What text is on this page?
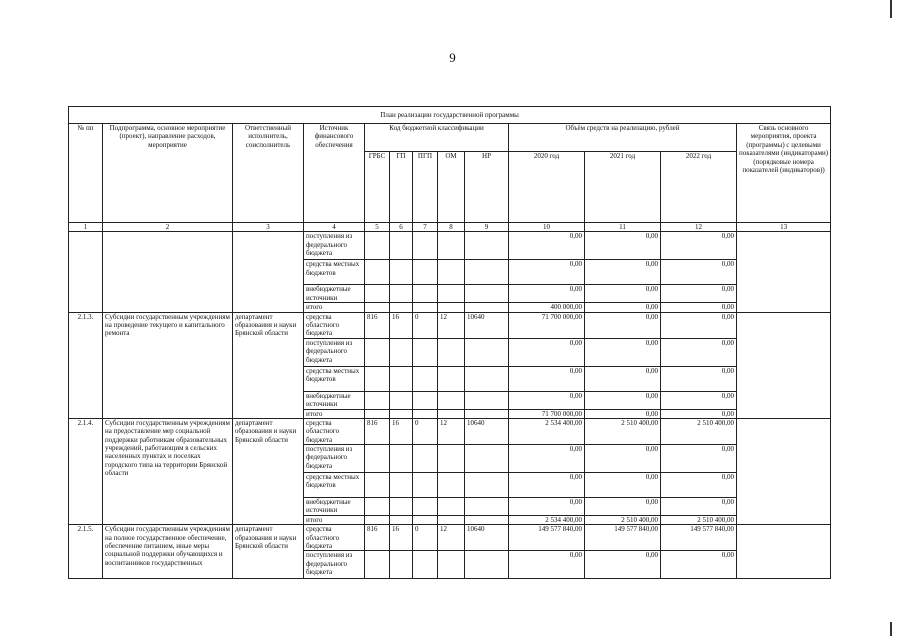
9
План реализации государственной программы												
№ пп	Подпрограмма, основное мероприятие (проект), направление расходов, мероприятие	Ответственный исполнитель, соисполнитель	Источник финансового обеспечения	Код бюджетной классификации					Объём средств на реализацию, рублей			Связь основного мероприятия, проекта (программы) с целевыми показателями (индикаторами) (порядковые номера показателей (индикаторов))
				ГРБС	ГП	ПГП	ОМ	НР	2020 год	2021 год	2022 год	
1	2	3	4	5	6	7	8	9	10	11	12	13
			поступления из федерального бюджета						0,00	0,00	0,00	
			средства местных бюджетов						0,00	0,00	0,00	
			внебюджетные источники						0,00	0,00	0,00	
			итого						400 000,00	0,00	0,00	
2.1.3.	Субсидии государственным учреждениям на проведение текущего и капитального ремонта	департамент образования и науки Брянской области	средства областного бюджета	816	16	0	12	10640	71 700 000,00	0,00	0,00	
			поступления из федерального бюджета						0,00	0,00	0,00	
			средства местных бюджетов						0,00	0,00	0,00	
			внебюджетные источники						0,00	0,00	0,00	
			итого						71 700 000,00	0,00	0,00	
2.1.4.	Субсидии государственным учреждениям на предоставление мер социальной поддержки работникам образовательных учреждений, работающим в сельских населенных пунктах и поселках городского типа на территории Брянской области	департамент образования и науки Брянской области	средства областного бюджета	816	16	0	12	10640	2 534 400,00	2 510 400,00	2 510 400,00	
			поступления из федерального бюджета						0,00	0,00	0,00	
			средства местных бюджетов						0,00	0,00	0,00	
			внебюджетные источники						0,00	0,00	0,00	
			итого						2 534 400,00	2 510 400,00	2 510 400,00	
2.1.5.	Субсидии государственным учреждениям на полное государственное обеспечение, обеспечение питанием, иные меры социальной поддержки обучающихся и воспитанников государственных	департамент образования и науки Брянской области	средства областного бюджета	816	16	0	12	10640	149 577 840,00	149 577 840,00	149 577 840,00	
			поступления из федерального бюджета						0,00	0,00	0,00	
